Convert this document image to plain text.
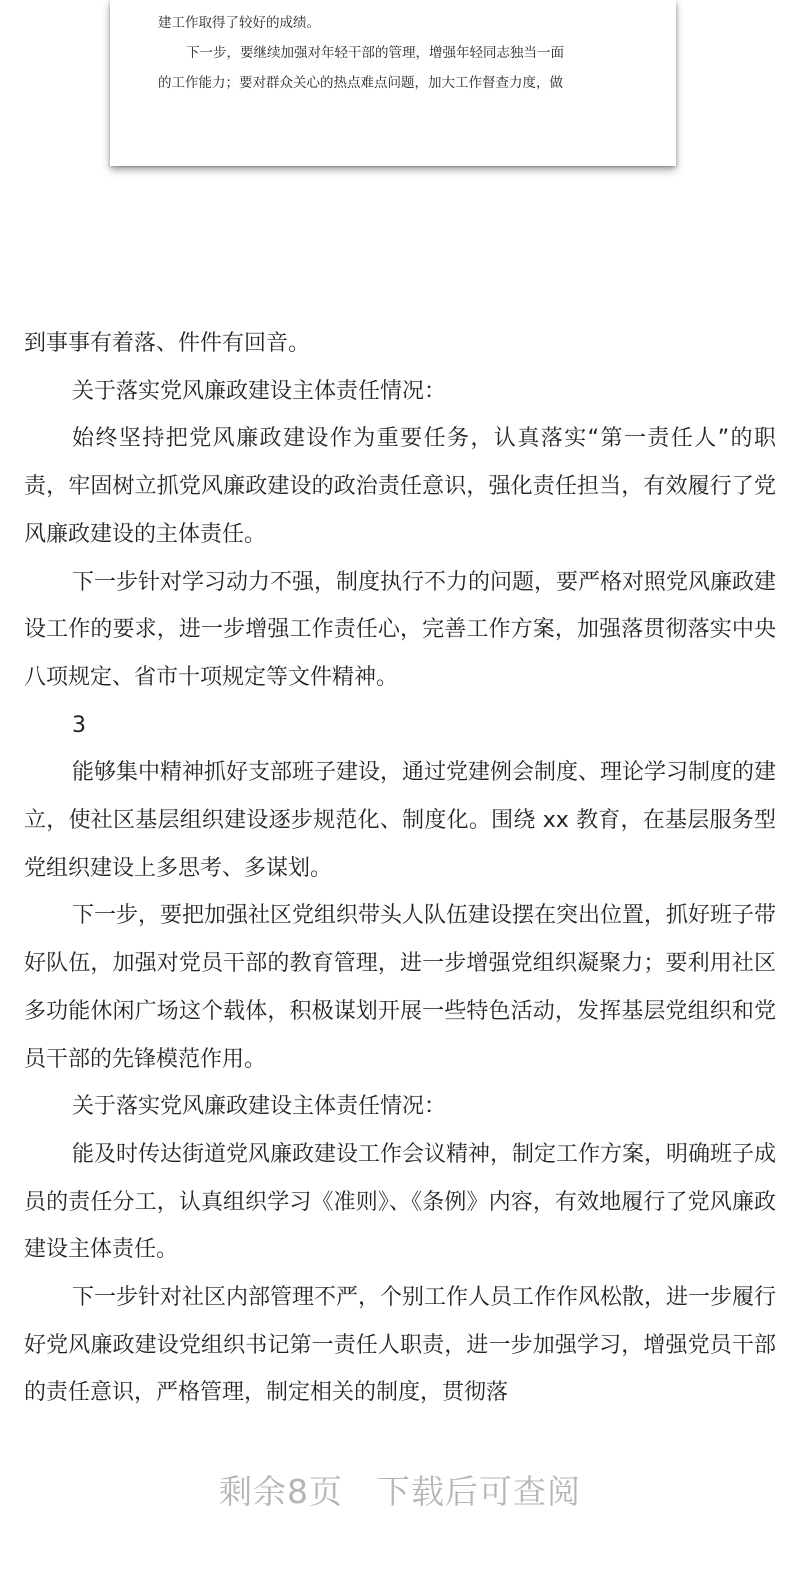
建工作取得了较好的成绩。

下一步，要继续加强对年轻干部的管理，增强年轻同志独当一面

的工作能力；要对群众关心的热点难点问题，加大工作督查力度，做

到事事有着落、件件有回音。

关于落实党风廉政建设主体责任情况：

始终坚持把党风廉政建设作为重要任务，认真落实“第一责任人”的职责，牢固树立抓党风廉政建设的政治责任意识，强化责任担当，有效履行了党风廉政建设的主体责任。

下一步针对学习动力不强，制度执行不力的问题，要严格对照党风廉政建设工作的要求，进一步增强工作责任心，完善工作方案，加强落贯彻落实中央八项规定、省市十项规定等文件精神。

3

能够集中精神抓好支部班子建设，通过党建例会制度、理论学习制度的建立，使社区基层组织建设逐步规范化、制度化。围绕 xx 教育，在基层服务型党组织建设上多思考、多谋划。

下一步，要把加强社区党组织带头人队伍建设摆在突出位置，抓好班子带好队伍，加强对党员干部的教育管理，进一步增强党组织凝聚力；要利用社区多功能休闲广场这个载体，积极谋划开展一些特色活动，发挥基层党组织和党员干部的先锋模范作用。

关于落实党风廉政建设主体责任情况：

能及时传达街道党风廉政建设工作会议精神，制定工作方案，明确班子成员的责任分工，认真组织学习《准则》、《条例》内容，有效地履行了党风廉政建设主体责任。

下一步针对社区内部管理不严，个别工作人员工作作风松散，进一步履行好党风廉政建设党组织书记第一责任人职责，进一步加强学习，增强党员干部的责任意识，严格管理，制定相关的制度，贯彻落

剩余8页 下载后可查阅
